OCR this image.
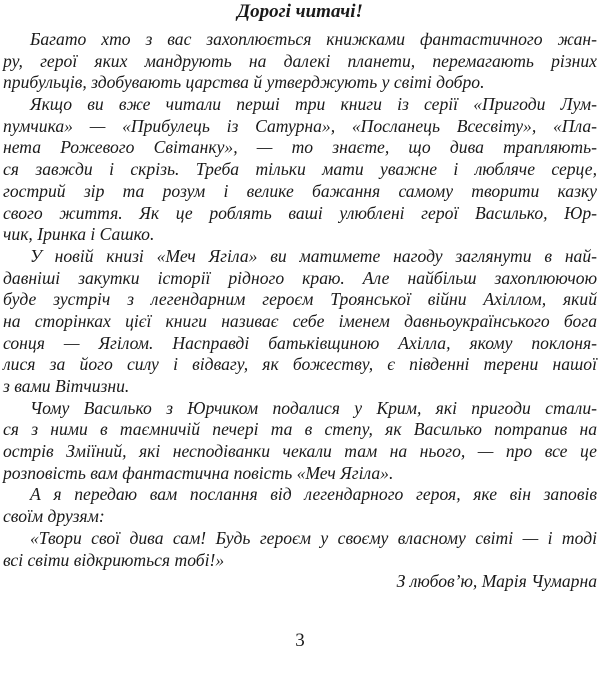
Дорогі читачі!
Багато хто з вас захоплюється книжками фантастичного жан-
ру, герої яких мандрують на далекі планети, перемагають різних
прибульців, здобувають царства й утверджують у світі добро.
Якщо ви вже читали перші три книги із серії «Пригоди Лум-
пумчика» — «Прибулець із Сатурна», «Посланець Всесвіту», «Пла-
нета Рожевого Світанку», — то знаєте, що дива трапляють-
ся завжди і скрізь. Треба тільки мати уважне і люблячe серце,
гострий зір та розум і велике бажання самому творити казку
свого життя. Як це роблять ваші улюблені герої Василько, Юр-
чик, Іринка і Сашко.
У новій книзі «Меч Ягіла» ви матимете нагоду заглянути в най-
давніші закутки історії рідного краю. Але найбільш захоплюючою
буде зустріч з легендарним героєм Троянської війни Ахіллом, який
на сторінках цієї книги називає себе іменем давньоукраїнського бога
сонця — Ягілом. Насправді батьківщиною Ахілла, якому поклоня-
лися за його силу і відвагу, як божеству, є південні терени нашої
з вами Вітчизни.
Чому Василько з Юрчиком подалися у Крим, які пригоди стали-
ся з ними в таємничій печері та в степу, як Василько потрапив на
острів Зміїний, які несподіванки чекали там на нього, — про все це
розповість вам фантастична повість «Меч Ягіла».
А я передаю вам послання від легендарного героя, яке він заповів
своїм друзям:
«Твори свої дива сам! Будь героєм у своєму власному світі — і тоді
всі світи відкриються тобі!»
З любов’ю, Марія Чумарна
3
